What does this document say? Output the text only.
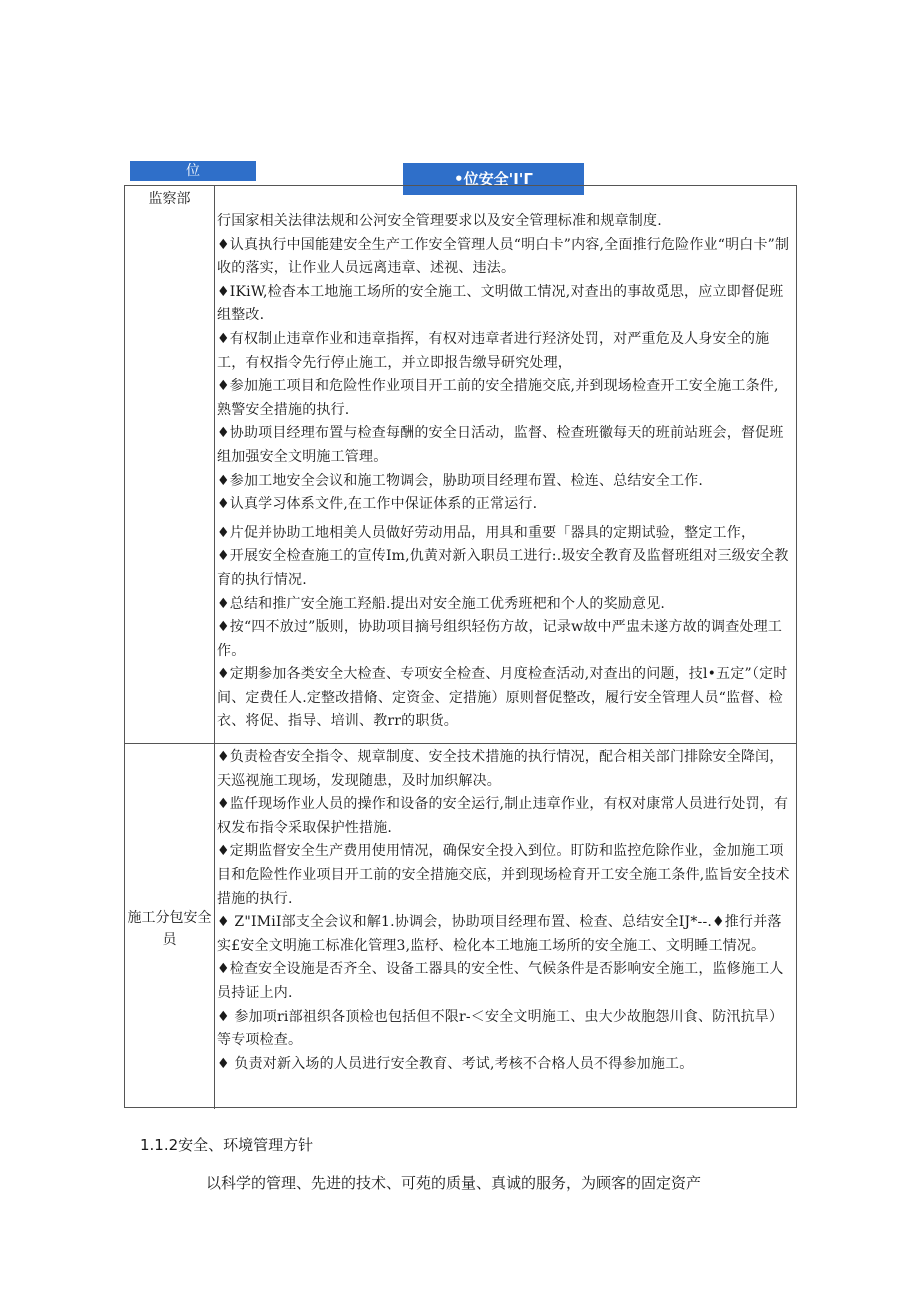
位	•位安全'I'Γ
监察部

行国家相关法律法规和公河安全管理要求以及安全管理标准和规章制度.

♦认真执行中国能建安全生产工作安全管理人员“明白卡”内容,全面推行危险作业“明白卡”制收的落实，让作业人员远离违章、述视、违法。

♦IKiW,检杳本工地施工场所的安全施工、文明做工情况,对查出的事故觅思，应立即督促班组整改.

♦有权制止违章作业和违章指挥，有权对违章者进行羟济处罚，对严重危及人身安全的施工，有权指令先行停止施工，并立即报告缴导研究处理，

♦参加施工项目和危险性作业项目开工前的安全措施交底,并到现场检查开工安全施工条件,熟警安全措施的执行.

♦协助项目经理布置与检查每酬的安全日活动，监督、检查班徽每天的班前站班会，督促班组加强安全文明施工管理。

♦参加工地安全会议和施工物调会，胁助项目经理布置、检连、总结安全工作.

♦认真学习体系文件,在工作中保证体系的正常运行.

♦片促并协助工地相美人员做好劳动用品，用具和重要「器具的定期试验，整定工作，

♦开展安全检查施工的宣传Im,仇黄对新入职员工进行:.圾安全教育及监督班组对三级安全教育的执行情况.

♦总结和推广安全施工羟船.提出对安全施工优秀班杷和个人的奖励意见.

♦按“四不放过”版则，协助项目摘号组织轻伤方故，记录w故中严盅未遂方故的调查处理工作。

♦定期参加各类安全大检查、专项安全检查、月度检查活动,对查出的问题，技l•五定”（定时间、定费任人.定整改措脩、定资金、定措施）原则督促整改，履行安全管理人员“监督、检衣、将促、指导、培训、教rr的职货。

施工分包安全员

♦负责检杳安全指令、规章制度、安全技术措施的执行情况，配合相关部门排除安全降闰，天巡视施工现场，发现随患，及时加织解决。

♦监仟现场作业人员的操作和设备的安全运行,制止违章作业，有权对康常人员进行处罚，有权发布指令采取保护性措施.

♦定期监督安全生产费用使用情况，确保安全投入到位。盯防和监控危除作业，金加施工项目和危险性作业项目开工前的安全措施交底，并到现场检育开工安全施工条件,监旨安全技术措施的执行.

♦ Z"IMiI部支全会议和解1.协调会，协助项目经理布置、检查、总结安全IJ*--.♦推行并落实£安全文明施工标准化管理3,监杼、检化本工地施工场所的安全施工、文明睡工情况。

♦检查安全设施是否齐全、设备工器具的安全性、气候条件是否影响安全施工，监修施工人员持证上内.

♦ 参加项ri部祖织各顶检也包括但不限r-＜安全文明施工、虫大少故胞怨川食、防汛抗旱）等专项检查。

♦ 负责对新入场的人员进行安全教育、考试,考核不合格人员不得参加施工。

1.1.2安全、环境管理方针
以科学的管理、先进的技术、可苑的质量、真诚的服务，为顾客的固定资产
